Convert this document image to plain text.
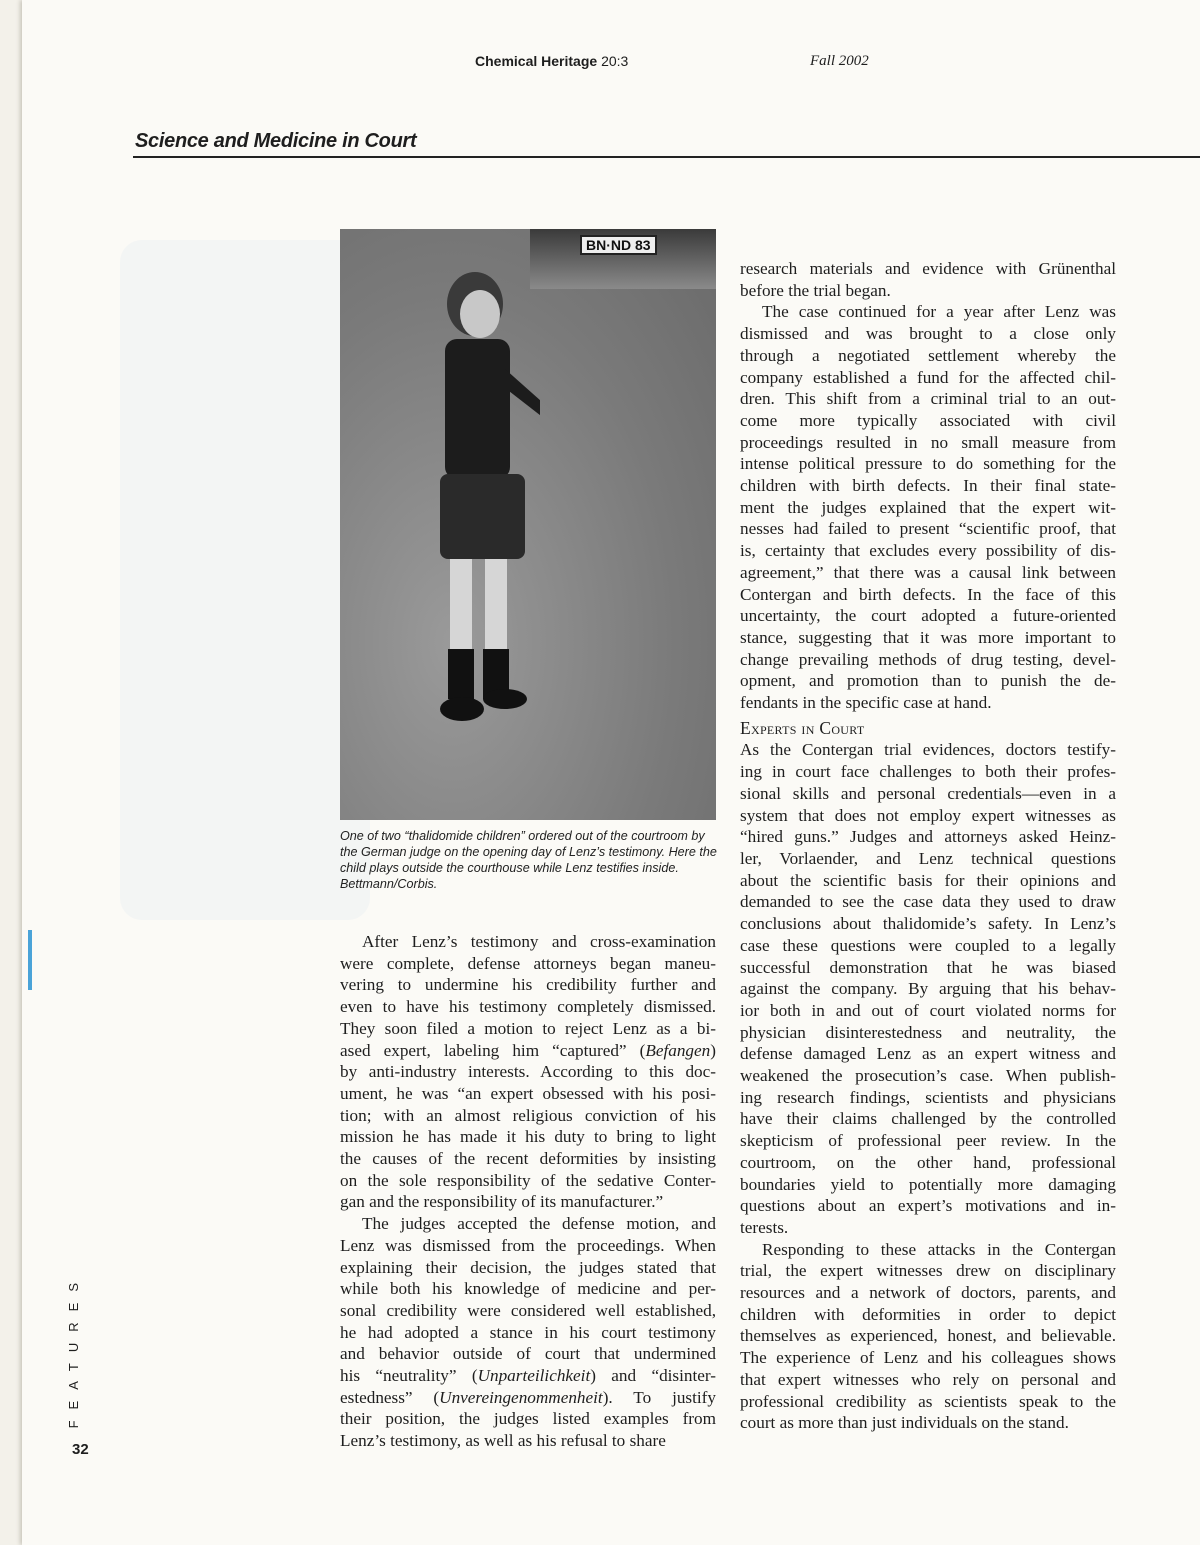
Chemical Heritage 20:3	Fall 2002
Science and Medicine in Court
BN·ND 83
One of two “thalidomide children” ordered out of the courtroom by the German judge on the opening day of Lenz’s testimony. Here the child plays outside the courthouse while Lenz testifies inside. Bettmann/Corbis.
After Lenz’s testimony and cross-examination
were complete, defense attorneys began maneu-
vering to undermine his credibility further and
even to have his testimony completely dismissed.
They soon filed a motion to reject Lenz as a bi-
ased expert, labeling him “captured” (Befangen)
by anti-industry interests. According to this doc-
ument, he was “an expert obsessed with his posi-
tion; with an almost religious conviction of his
mission he has made it his duty to bring to light
the causes of the recent deformities by insisting
on the sole responsibility of the sedative Conter-
gan and the responsibility of its manufacturer.”
The judges accepted the defense motion, and
Lenz was dismissed from the proceedings. When
explaining their decision, the judges stated that
while both his knowledge of medicine and per-
sonal credibility were considered well established,
he had adopted a stance in his court testimony
and behavior outside of court that undermined
his “neutrality” (Unparteilichkeit) and “disinter-
estedness” (Unvereingenommenheit). To justify
their position, the judges listed examples from
Lenz’s testimony, as well as his refusal to share
research materials and evidence with Grünenthal
before the trial began.
The case continued for a year after Lenz was
dismissed and was brought to a close only
through a negotiated settlement whereby the
company established a fund for the affected chil-
dren. This shift from a criminal trial to an out-
come more typically associated with civil
proceedings resulted in no small measure from
intense political pressure to do something for the
children with birth defects. In their final state-
ment the judges explained that the expert wit-
nesses had failed to present “scientific proof, that
is, certainty that excludes every possibility of dis-
agreement,” that there was a causal link between
Contergan and birth defects. In the face of this
uncertainty, the court adopted a future-oriented
stance, suggesting that it was more important to
change prevailing methods of drug testing, devel-
opment, and promotion than to punish the de-
fendants in the specific case at hand.
Experts in Court
As the Contergan trial evidences, doctors testify-
ing in court face challenges to both their profes-
sional skills and personal credentials—even in a
system that does not employ expert witnesses as
“hired guns.” Judges and attorneys asked Heinz-
ler, Vorlaender, and Lenz technical questions
about the scientific basis for their opinions and
demanded to see the case data they used to draw
conclusions about thalidomide’s safety. In Lenz’s
case these questions were coupled to a legally
successful demonstration that he was biased
against the company. By arguing that his behav-
ior both in and out of court violated norms for
physician disinterestedness and neutrality, the
defense damaged Lenz as an expert witness and
weakened the prosecution’s case. When publish-
ing research findings, scientists and physicians
have their claims challenged by the controlled
skepticism of professional peer review. In the
courtroom, on the other hand, professional
boundaries yield to potentially more damaging
questions about an expert’s motivations and in-
terests.
Responding to these attacks in the Contergan
trial, the expert witnesses drew on disciplinary
resources and a network of doctors, parents, and
children with deformities in order to depict
themselves as experienced, honest, and believable.
The experience of Lenz and his colleagues shows
that expert witnesses who rely on personal and
professional credibility as scientists speak to the
court as more than just individuals on the stand.
FEATURES
32
